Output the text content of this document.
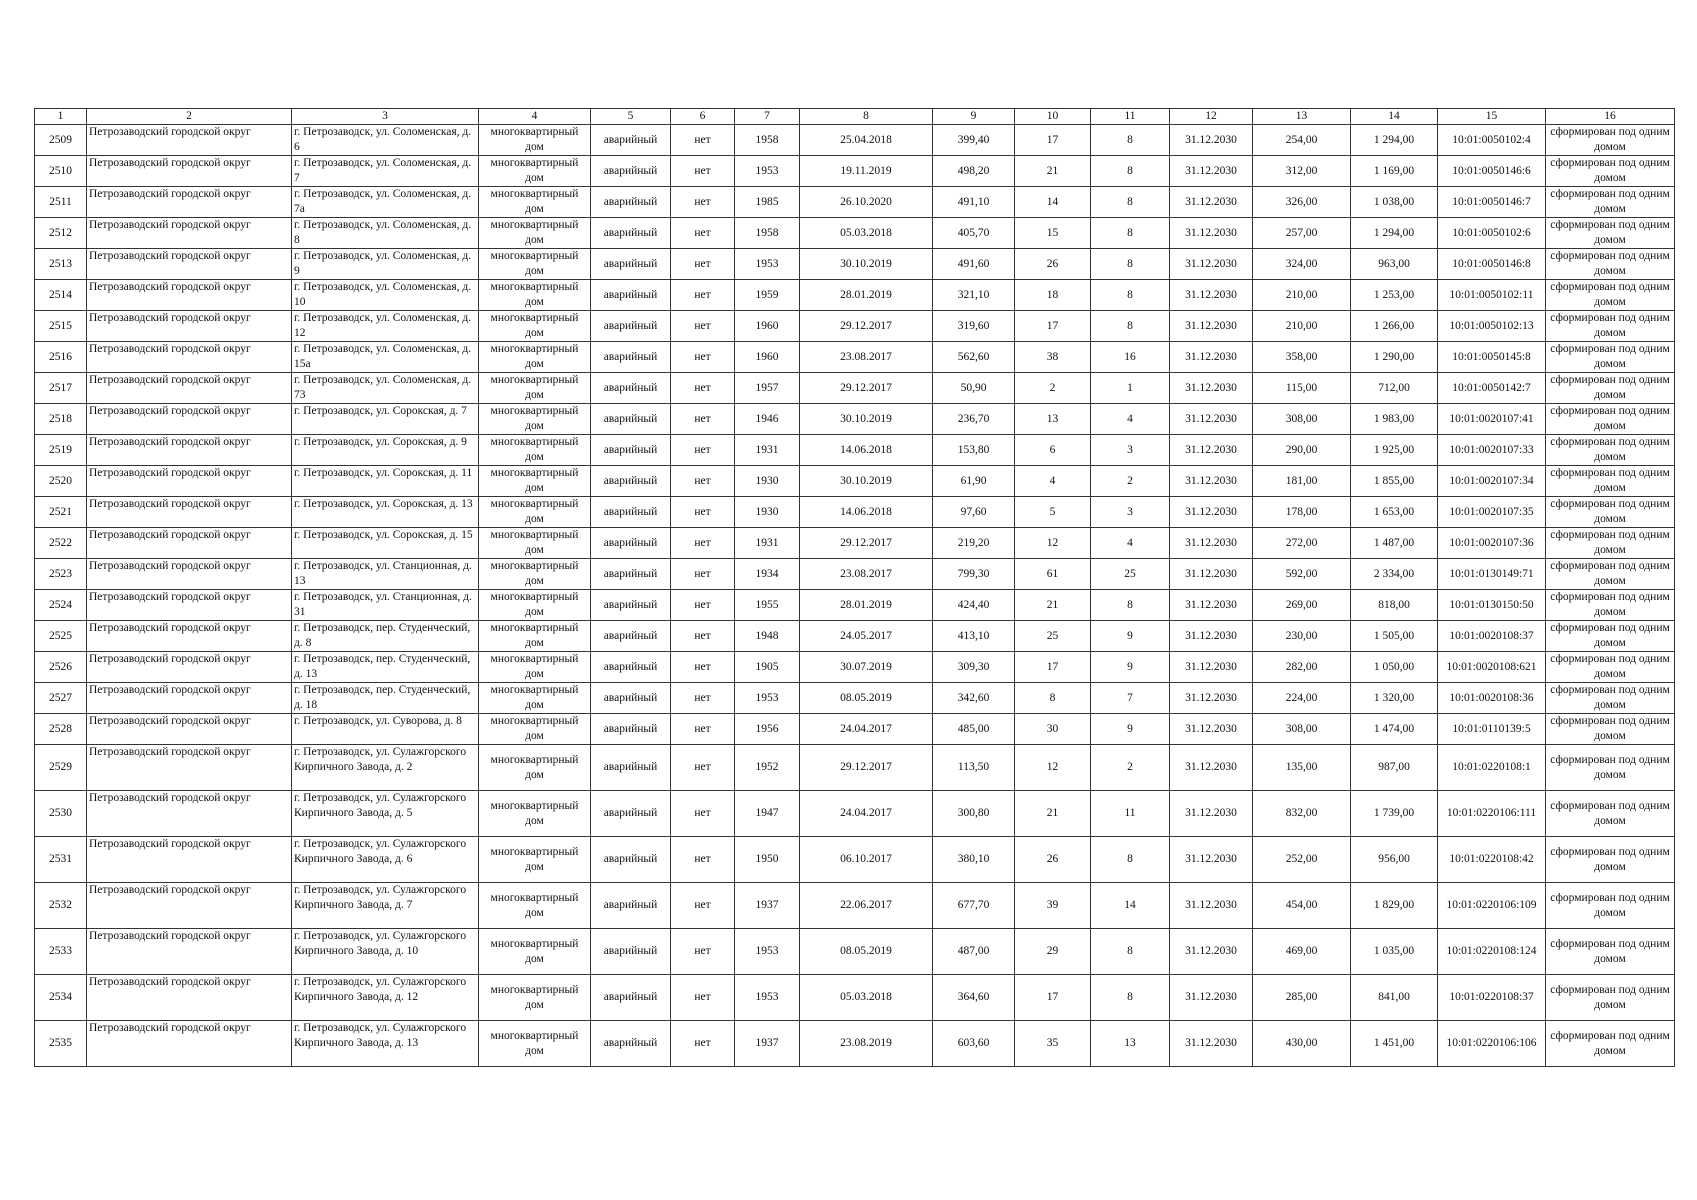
1	2	3	4	5	6	7	8	9	10	11	12	13	14	15	16
2509	Петрозаводский городской округ	г. Петрозаводск, ул. Соломенская, д. 6	многоквартирный дом	аварийный	нет	1958	25.04.2018	399,40	17	8	31.12.2030	254,00	1 294,00	10:01:0050102:4	сформирован под одним домом
2510	Петрозаводский городской округ	г. Петрозаводск, ул. Соломенская, д. 7	многоквартирный дом	аварийный	нет	1953	19.11.2019	498,20	21	8	31.12.2030	312,00	1 169,00	10:01:0050146:6	сформирован под одним домом
2511	Петрозаводский городской округ	г. Петрозаводск, ул. Соломенская, д. 7а	многоквартирный дом	аварийный	нет	1985	26.10.2020	491,10	14	8	31.12.2030	326,00	1 038,00	10:01:0050146:7	сформирован под одним домом
2512	Петрозаводский городской округ	г. Петрозаводск, ул. Соломенская, д. 8	многоквартирный дом	аварийный	нет	1958	05.03.2018	405,70	15	8	31.12.2030	257,00	1 294,00	10:01:0050102:6	сформирован под одним домом
2513	Петрозаводский городской округ	г. Петрозаводск, ул. Соломенская, д. 9	многоквартирный дом	аварийный	нет	1953	30.10.2019	491,60	26	8	31.12.2030	324,00	963,00	10:01:0050146:8	сформирован под одним домом
2514	Петрозаводский городской округ	г. Петрозаводск, ул. Соломенская, д. 10	многоквартирный дом	аварийный	нет	1959	28.01.2019	321,10	18	8	31.12.2030	210,00	1 253,00	10:01:0050102:11	сформирован под одним домом
2515	Петрозаводский городской округ	г. Петрозаводск, ул. Соломенская, д. 12	многоквартирный дом	аварийный	нет	1960	29.12.2017	319,60	17	8	31.12.2030	210,00	1 266,00	10:01:0050102:13	сформирован под одним домом
2516	Петрозаводский городской округ	г. Петрозаводск, ул. Соломенская, д. 15а	многоквартирный дом	аварийный	нет	1960	23.08.2017	562,60	38	16	31.12.2030	358,00	1 290,00	10:01:0050145:8	сформирован под одним домом
2517	Петрозаводский городской округ	г. Петрозаводск, ул. Соломенская, д. 73	многоквартирный дом	аварийный	нет	1957	29.12.2017	50,90	2	1	31.12.2030	115,00	712,00	10:01:0050142:7	сформирован под одним домом
2518	Петрозаводский городской округ	г. Петрозаводск, ул. Сорокская, д. 7	многоквартирный дом	аварийный	нет	1946	30.10.2019	236,70	13	4	31.12.2030	308,00	1 983,00	10:01:0020107:41	сформирован под одним домом
2519	Петрозаводский городской округ	г. Петрозаводск, ул. Сорокская, д. 9	многоквартирный дом	аварийный	нет	1931	14.06.2018	153,80	6	3	31.12.2030	290,00	1 925,00	10:01:0020107:33	сформирован под одним домом
2520	Петрозаводский городской округ	г. Петрозаводск, ул. Сорокская, д. 11	многоквартирный дом	аварийный	нет	1930	30.10.2019	61,90	4	2	31.12.2030	181,00	1 855,00	10:01:0020107:34	сформирован под одним домом
2521	Петрозаводский городской округ	г. Петрозаводск, ул. Сорокская, д. 13	многоквартирный дом	аварийный	нет	1930	14.06.2018	97,60	5	3	31.12.2030	178,00	1 653,00	10:01:0020107:35	сформирован под одним домом
2522	Петрозаводский городской округ	г. Петрозаводск, ул. Сорокская, д. 15	многоквартирный дом	аварийный	нет	1931	29.12.2017	219,20	12	4	31.12.2030	272,00	1 487,00	10:01:0020107:36	сформирован под одним домом
2523	Петрозаводский городской округ	г. Петрозаводск, ул. Станционная, д. 13	многоквартирный дом	аварийный	нет	1934	23.08.2017	799,30	61	25	31.12.2030	592,00	2 334,00	10:01:0130149:71	сформирован под одним домом
2524	Петрозаводский городской округ	г. Петрозаводск, ул. Станционная, д. 31	многоквартирный дом	аварийный	нет	1955	28.01.2019	424,40	21	8	31.12.2030	269,00	818,00	10:01:0130150:50	сформирован под одним домом
2525	Петрозаводский городской округ	г. Петрозаводск, пер. Студенческий, д. 8	многоквартирный дом	аварийный	нет	1948	24.05.2017	413,10	25	9	31.12.2030	230,00	1 505,00	10:01:0020108:37	сформирован под одним домом
2526	Петрозаводский городской округ	г. Петрозаводск, пер. Студенческий, д. 13	многоквартирный дом	аварийный	нет	1905	30.07.2019	309,30	17	9	31.12.2030	282,00	1 050,00	10:01:0020108:621	сформирован под одним домом
2527	Петрозаводский городской округ	г. Петрозаводск, пер. Студенческий, д. 18	многоквартирный дом	аварийный	нет	1953	08.05.2019	342,60	8	7	31.12.2030	224,00	1 320,00	10:01:0020108:36	сформирован под одним домом
2528	Петрозаводский городской округ	г. Петрозаводск, ул. Суворова, д. 8	многоквартирный дом	аварийный	нет	1956	24.04.2017	485,00	30	9	31.12.2030	308,00	1 474,00	10:01:0110139:5	сформирован под одним домом
2529	Петрозаводский городской округ	г. Петрозаводск, ул. Сулажгорского Кирпичного Завода, д. 2	многоквартирный дом	аварийный	нет	1952	29.12.2017	113,50	12	2	31.12.2030	135,00	987,00	10:01:0220108:1	сформирован под одним домом
2530	Петрозаводский городской округ	г. Петрозаводск, ул. Сулажгорского Кирпичного Завода, д. 5	многоквартирный дом	аварийный	нет	1947	24.04.2017	300,80	21	11	31.12.2030	832,00	1 739,00	10:01:0220106:111	сформирован под одним домом
2531	Петрозаводский городской округ	г. Петрозаводск, ул. Сулажгорского Кирпичного Завода, д. 6	многоквартирный дом	аварийный	нет	1950	06.10.2017	380,10	26	8	31.12.2030	252,00	956,00	10:01:0220108:42	сформирован под одним домом
2532	Петрозаводский городской округ	г. Петрозаводск, ул. Сулажгорского Кирпичного Завода, д. 7	многоквартирный дом	аварийный	нет	1937	22.06.2017	677,70	39	14	31.12.2030	454,00	1 829,00	10:01:0220106:109	сформирован под одним домом
2533	Петрозаводский городской округ	г. Петрозаводск, ул. Сулажгорского Кирпичного Завода, д. 10	многоквартирный дом	аварийный	нет	1953	08.05.2019	487,00	29	8	31.12.2030	469,00	1 035,00	10:01:0220108:124	сформирован под одним домом
2534	Петрозаводский городской округ	г. Петрозаводск, ул. Сулажгорского Кирпичного Завода, д. 12	многоквартирный дом	аварийный	нет	1953	05.03.2018	364,60	17	8	31.12.2030	285,00	841,00	10:01:0220108:37	сформирован под одним домом
2535	Петрозаводский городской округ	г. Петрозаводск, ул. Сулажгорского Кирпичного Завода, д. 13	многоквартирный дом	аварийный	нет	1937	23.08.2019	603,60	35	13	31.12.2030	430,00	1 451,00	10:01:0220106:106	сформирован под одним домом
